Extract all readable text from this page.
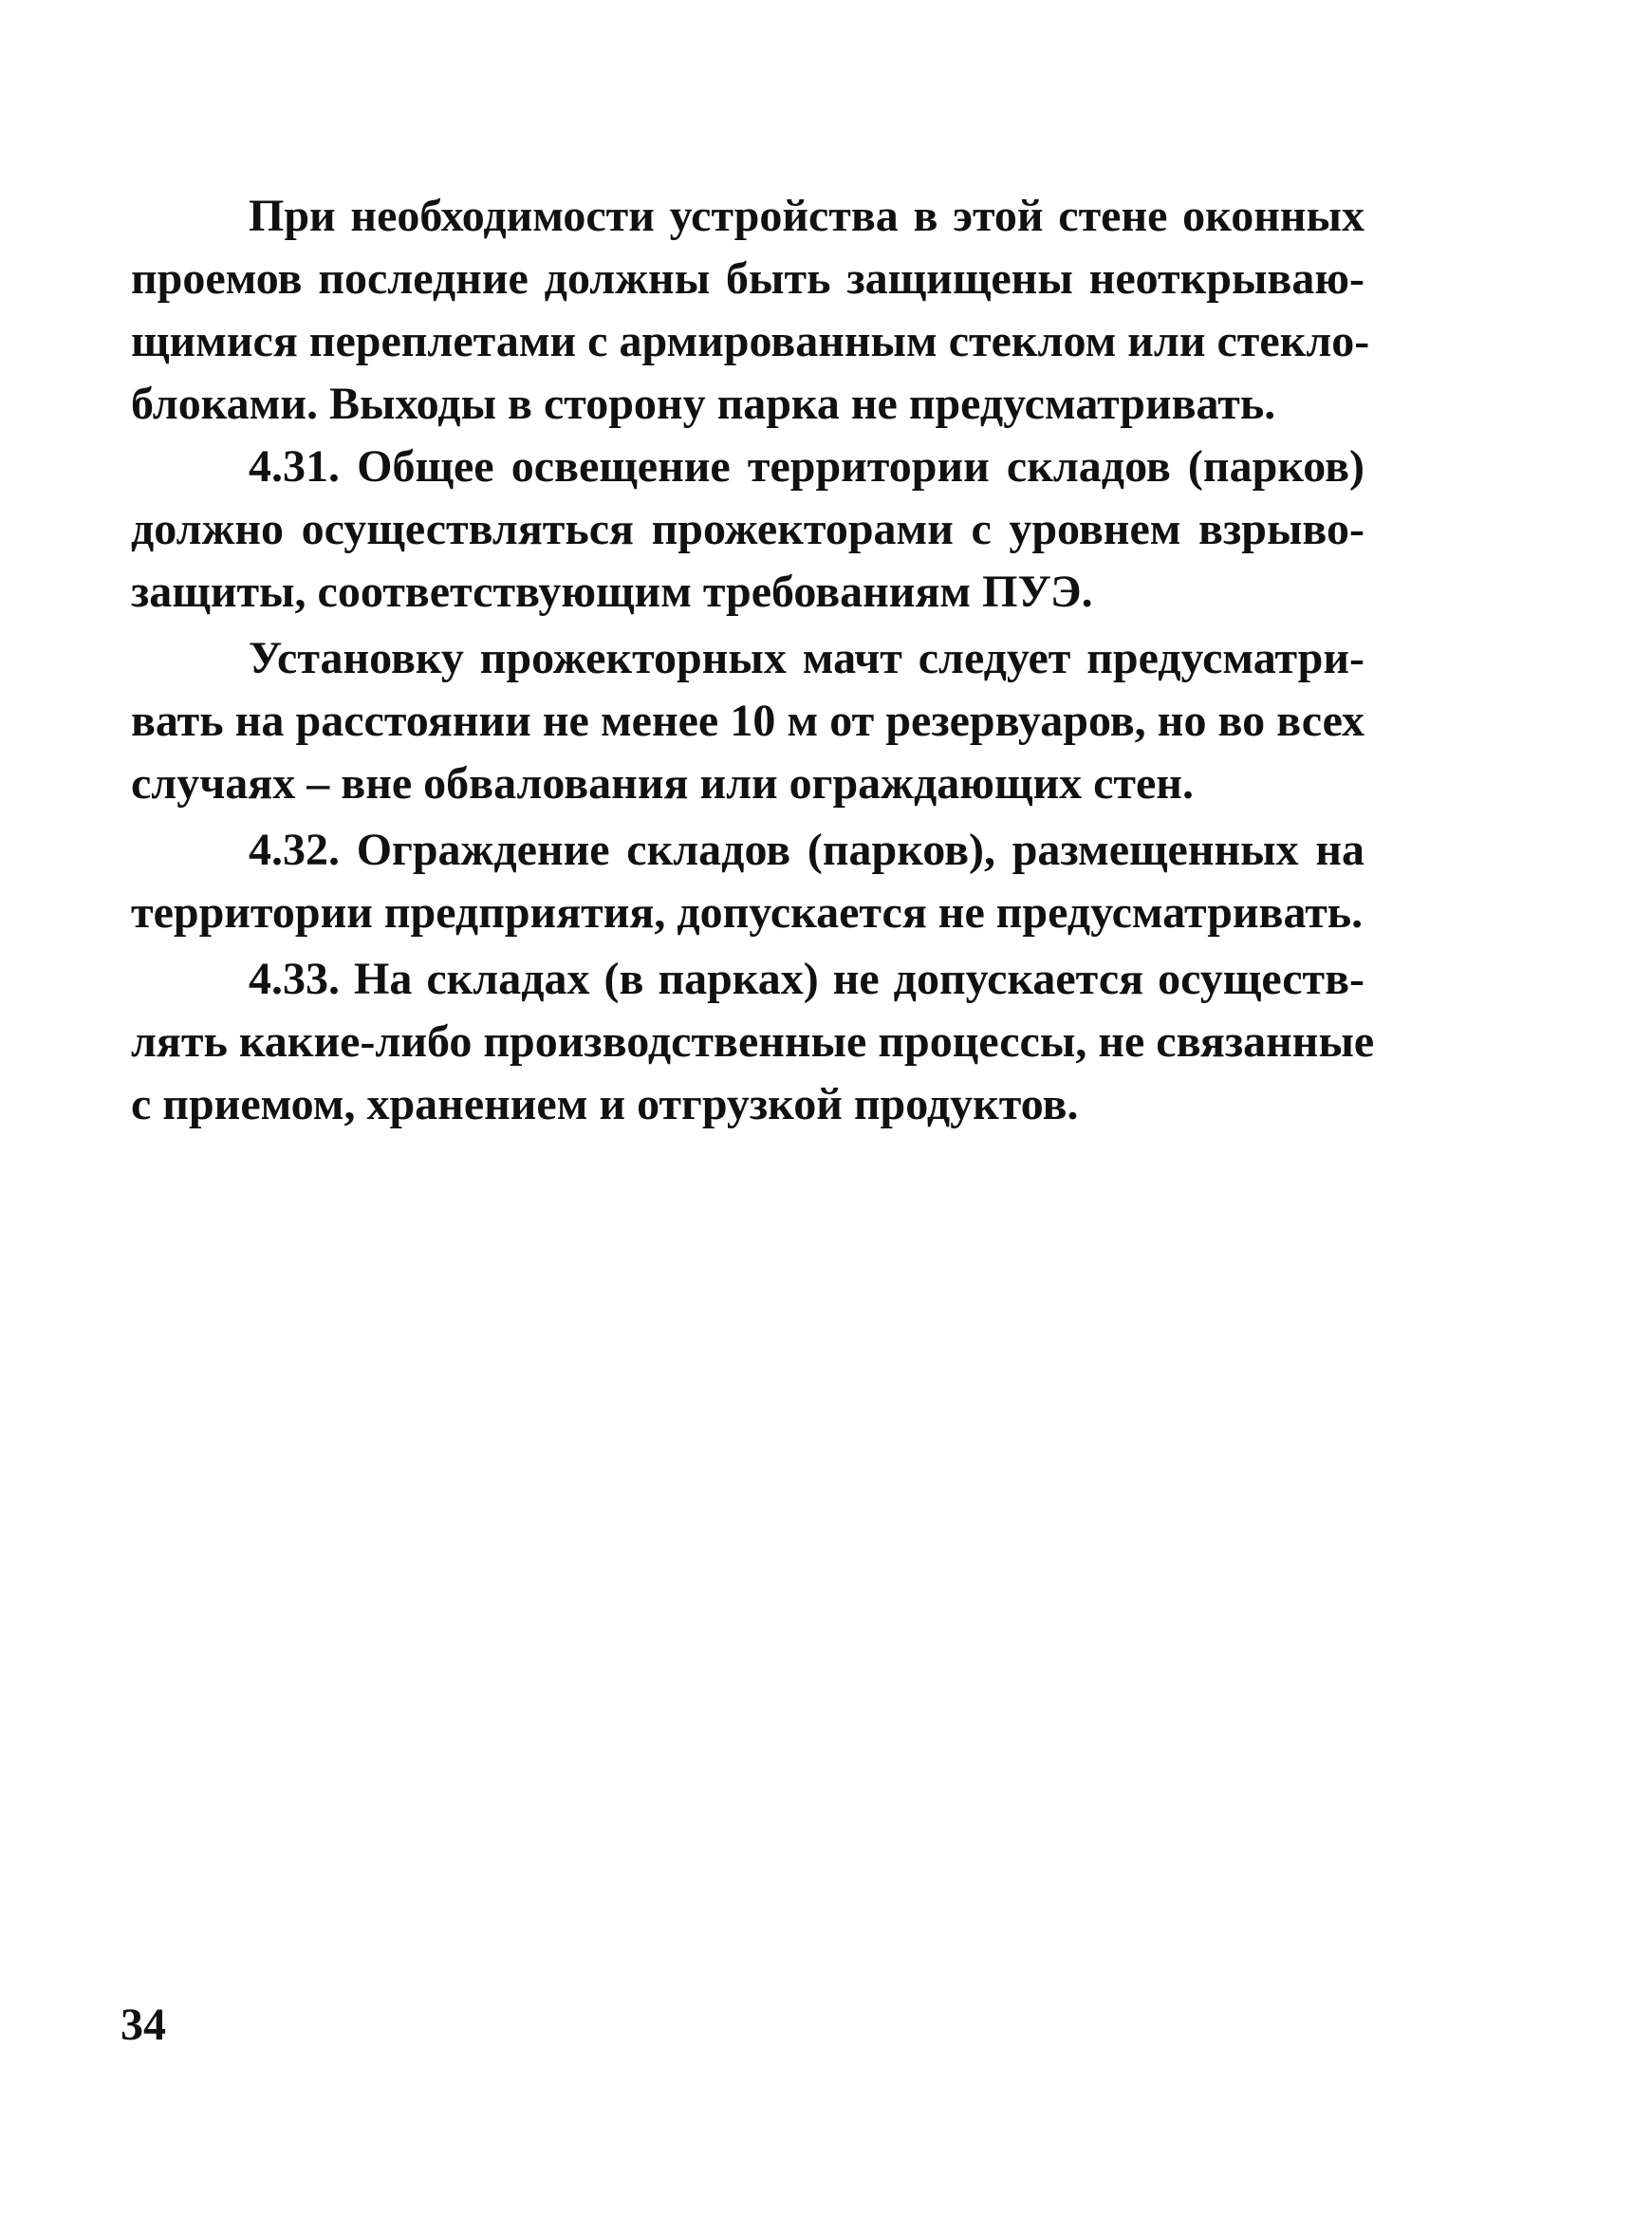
При необходимости устройства в этой стене оконных
проемов последние должны быть защищены неоткрываю-
щимися переплетами с армированным стеклом или стекло-
блоками. Выходы в сторону парка не предусматривать.
4.31. Общее освещение территории складов (парков)
должно осуществляться прожекторами с уровнем взрыво-
защиты, соответствующим требованиям ПУЭ.
Установку прожекторных мачт следует предусматри-
вать на расстоянии не менее 10 м от резервуаров, но во всех
случаях – вне обвалования или ограждающих стен.
4.32. Ограждение складов (парков), размещенных на
территории предприятия, допускается не предусматривать.
4.33. На складах (в парках) не допускается осуществ-
лять какие-либо производственные процессы, не связанные
с приемом, хранением и отгрузкой продуктов.
34
